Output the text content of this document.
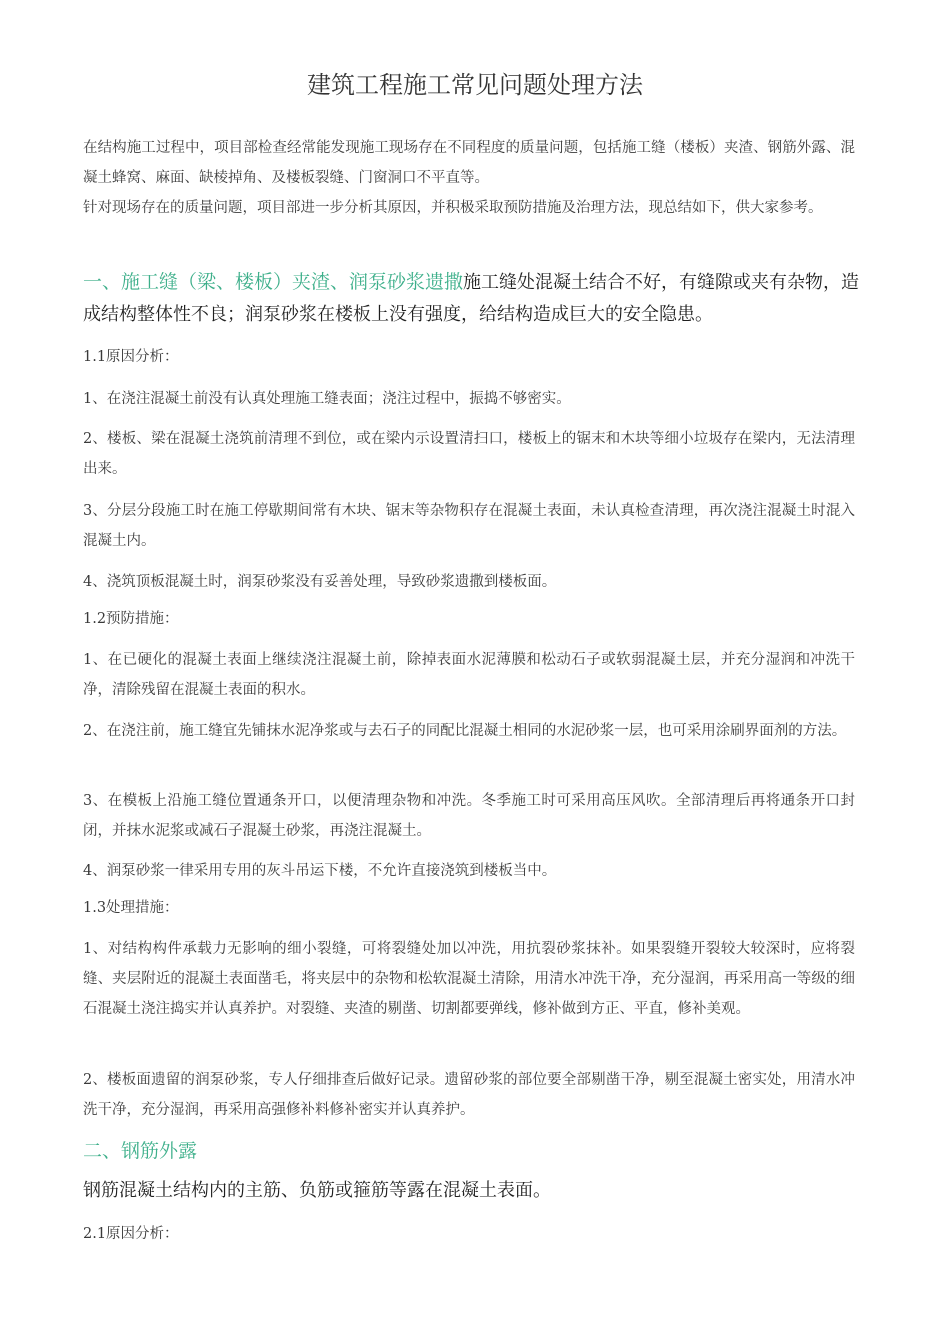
建筑工程施工常见问题处理方法

在结构施工过程中，项目部检查经常能发现施工现场存在不同程度的质量问题，包括施工缝（楼板）夹渣、钢筋外露、混凝土蜂窝、麻面、缺棱掉角、及楼板裂缝、门窗洞口不平直等。

针对现场存在的质量问题，项目部进一步分析其原因，并积极采取预防措施及治理方法，现总结如下，供大家参考。

一、施工缝（梁、楼板）夹渣、润泵砂浆遗撒施工缝处混凝土结合不好，有缝隙或夹有杂物，造成结构整体性不良；润泵砂浆在楼板上没有强度，给结构造成巨大的安全隐患。

1.1原因分析：

1、在浇注混凝土前没有认真处理施工缝表面；浇注过程中，振捣不够密实。

2、楼板、梁在混凝土浇筑前清理不到位，或在梁内示设置清扫口，楼板上的锯末和木块等细小垃圾存在梁内，无法清理出来。

3、分层分段施工时在施工停歇期间常有木块、锯末等杂物积存在混凝土表面，未认真检查清理，再次浇注混凝土时混入混凝土内。

4、浇筑顶板混凝土时，润泵砂浆没有妥善处理，导致砂浆遗撒到楼板面。

1.2预防措施：

1、在已硬化的混凝土表面上继续浇注混凝土前，除掉表面水泥薄膜和松动石子或软弱混凝土层，并充分湿润和冲洗干净，清除残留在混凝土表面的积水。

2、在浇注前，施工缝宜先铺抹水泥净浆或与去石子的同配比混凝土相同的水泥砂浆一层，也可采用涂刷界面剂的方法。

3、在模板上沿施工缝位置通条开口，以便清理杂物和冲洗。冬季施工时可采用高压风吹。全部清理后再将通条开口封闭，并抹水泥浆或减石子混凝土砂浆，再浇注混凝土。

4、润泵砂浆一律采用专用的灰斗吊运下楼，不允许直接浇筑到楼板当中。

1.3处理措施：

1、对结构构件承载力无影响的细小裂缝，可将裂缝处加以冲洗，用抗裂砂浆抹补。如果裂缝开裂较大较深时，应将裂缝、夹层附近的混凝土表面凿毛，将夹层中的杂物和松软混凝土清除，用清水冲洗干净，充分湿润，再采用高一等级的细石混凝土浇注捣实并认真养护。对裂缝、夹渣的剔凿、切割都要弹线，修补做到方正、平直，修补美观。

2、楼板面遗留的润泵砂浆，专人仔细排查后做好记录。遗留砂浆的部位要全部剔凿干净，剔至混凝土密实处，用清水冲洗干净，充分湿润，再采用高强修补料修补密实并认真养护。

二、钢筋外露

钢筋混凝土结构内的主筋、负筋或箍筋等露在混凝土表面。

2.1原因分析：
